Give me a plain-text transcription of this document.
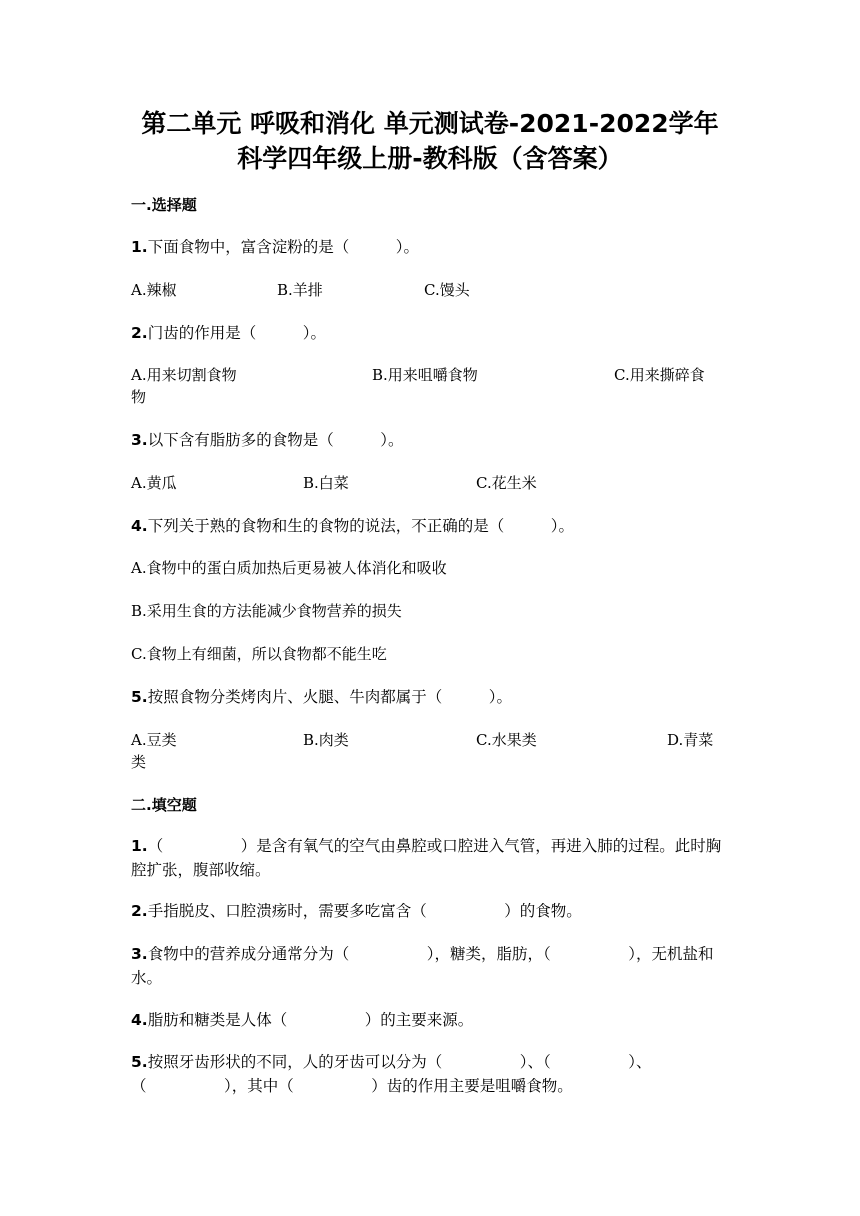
第二单元 呼吸和消化 单元测试卷-2021-2022学年
科学四年级上册-教科版（含答案）
一.选择题
1.下面食物中，富含淀粉的是（　　　）。
A.辣椒	B.羊排	C.馒头
2.门齿的作用是（　　　）。
A.用来切割食物	B.用来咀嚼食物	C.用来撕碎食
物
3.以下含有脂肪多的食物是（　　　）。
A.黄瓜	B.白菜	C.花生米
4.下列关于熟的食物和生的食物的说法，不正确的是（　　　）。
A.食物中的蛋白质加热后更易被人体消化和吸收
B.采用生食的方法能减少食物营养的损失
C.食物上有细菌，所以食物都不能生吃
5.按照食物分类烤肉片、火腿、牛肉都属于（　　　）。
A.豆类	B.肉类	C.水果类	D.青菜
类
二.填空题
1.（　　　　　）是含有氧气的空气由鼻腔或口腔进入气管，再进入肺的过程。此时胸腔扩张，腹部收缩。
2.手指脱皮、口腔溃疡时，需要多吃富含（　　　　　）的食物。
3.食物中的营养成分通常分为（　　　　　），糖类，脂肪，（　　　　　），无机盐和水。
4.脂肪和糖类是人体（　　　　　）的主要来源。
5.按照牙齿形状的不同，人的牙齿可以分为（　　　　　）、（　　　　　）、（　　　　　），其中（　　　　　）齿的作用主要是咀嚼食物。
